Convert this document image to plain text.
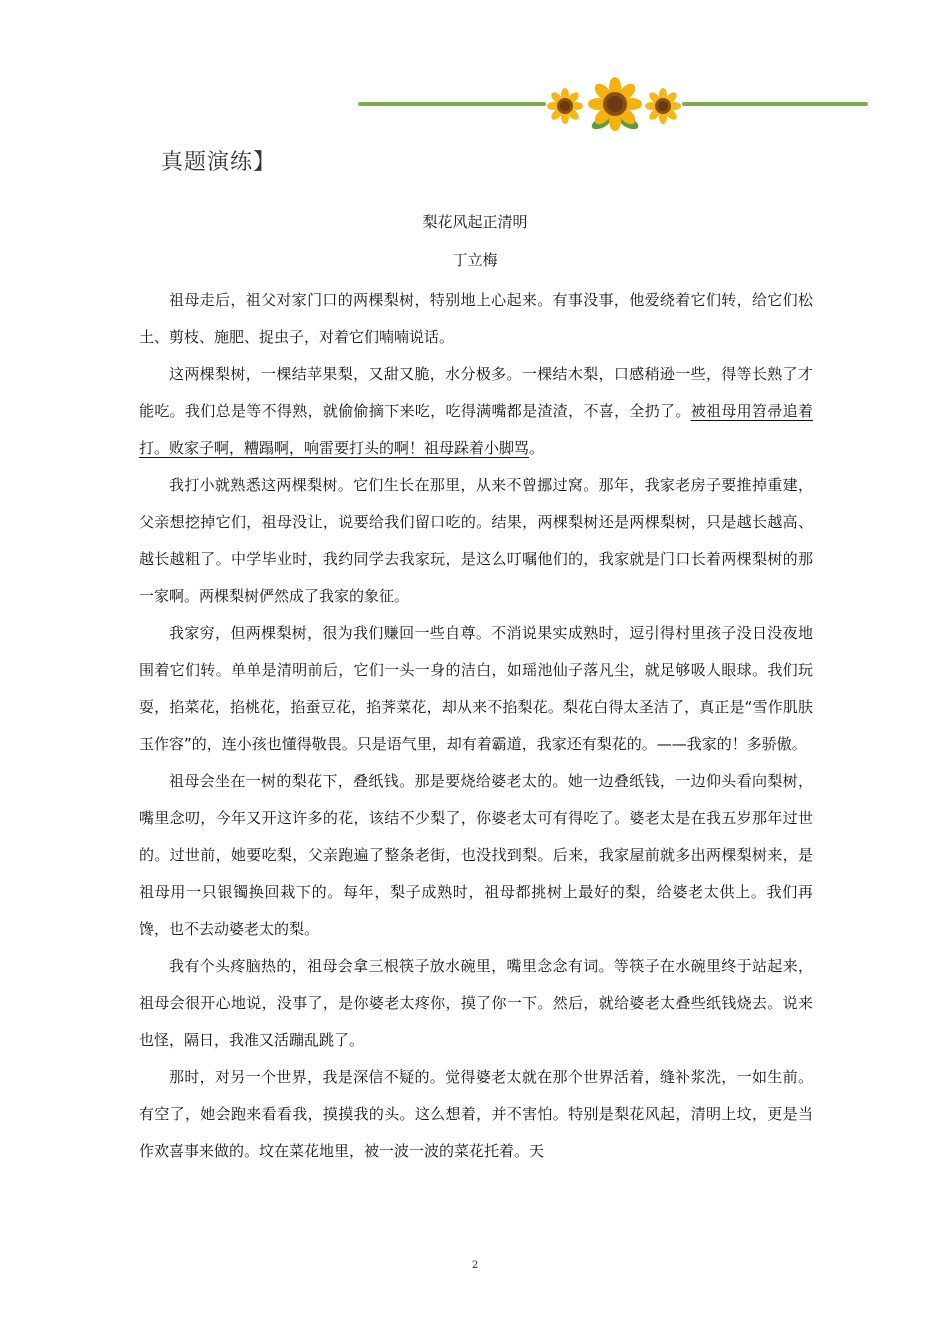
真题演练】
梨花风起正清明
丁立梅

祖母走后，祖父对家门口的两棵梨树，特别地上心起来。有事没事，他爱绕着它们转，给它们松土、剪枝、施肥、捉虫子，对着它们喃喃说话。

这两棵梨树，一棵结苹果梨，又甜又脆，水分极多。一棵结木梨，口感稍逊一些，得等长熟了才能吃。我们总是等不得熟，就偷偷摘下来吃，吃得满嘴都是渣渣，不喜，全扔了。被祖母用笤帚追着打。败家子啊，糟蹋啊，响雷要打头的啊！祖母跺着小脚骂。

我打小就熟悉这两棵梨树。它们生长在那里，从来不曾挪过窝。那年，我家老房子要推掉重建，父亲想挖掉它们，祖母没让，说要给我们留口吃的。结果，两棵梨树还是两棵梨树，只是越长越高、越长越粗了。中学毕业时，我约同学去我家玩，是这么叮嘱他们的，我家就是门口长着两棵梨树的那一家啊。两棵梨树俨然成了我家的象征。

我家穷，但两棵梨树，很为我们赚回一些自尊。不消说果实成熟时，逗引得村里孩子没日没夜地围着它们转。单单是清明前后，它们一头一身的洁白，如瑶池仙子落凡尘，就足够吸人眼球。我们玩耍，掐菜花，掐桃花，掐蚕豆花，掐荠菜花，却从来不掐梨花。梨花白得太圣洁了，真正是“雪作肌肤玉作容”的，连小孩也懂得敬畏。只是语气里，却有着霸道，我家还有梨花的。——我家的！多骄傲。

祖母会坐在一树的梨花下，叠纸钱。那是要烧给婆老太的。她一边叠纸钱，一边仰头看向梨树，嘴里念叨，今年又开这许多的花，该结不少梨了，你婆老太可有得吃了。婆老太是在我五岁那年过世的。过世前，她要吃梨，父亲跑遍了整条老街，也没找到梨。后来，我家屋前就多出两棵梨树来，是祖母用一只银镯换回栽下的。每年，梨子成熟时，祖母都挑树上最好的梨，给婆老太供上。我们再馋，也不去动婆老太的梨。

我有个头疼脑热的，祖母会拿三根筷子放水碗里，嘴里念念有词。等筷子在水碗里终于站起来，祖母会很开心地说，没事了，是你婆老太疼你，摸了你一下。然后，就给婆老太叠些纸钱烧去。说来也怪，隔日，我准又活蹦乱跳了。

那时，对另一个世界，我是深信不疑的。觉得婆老太就在那个世界活着，缝补浆洗，一如生前。有空了，她会跑来看看我，摸摸我的头。这么想着，并不害怕。特别是梨花风起，清明上坟，更是当作欢喜事来做的。坟在菜花地里，被一波一波的菜花托着。天

2
